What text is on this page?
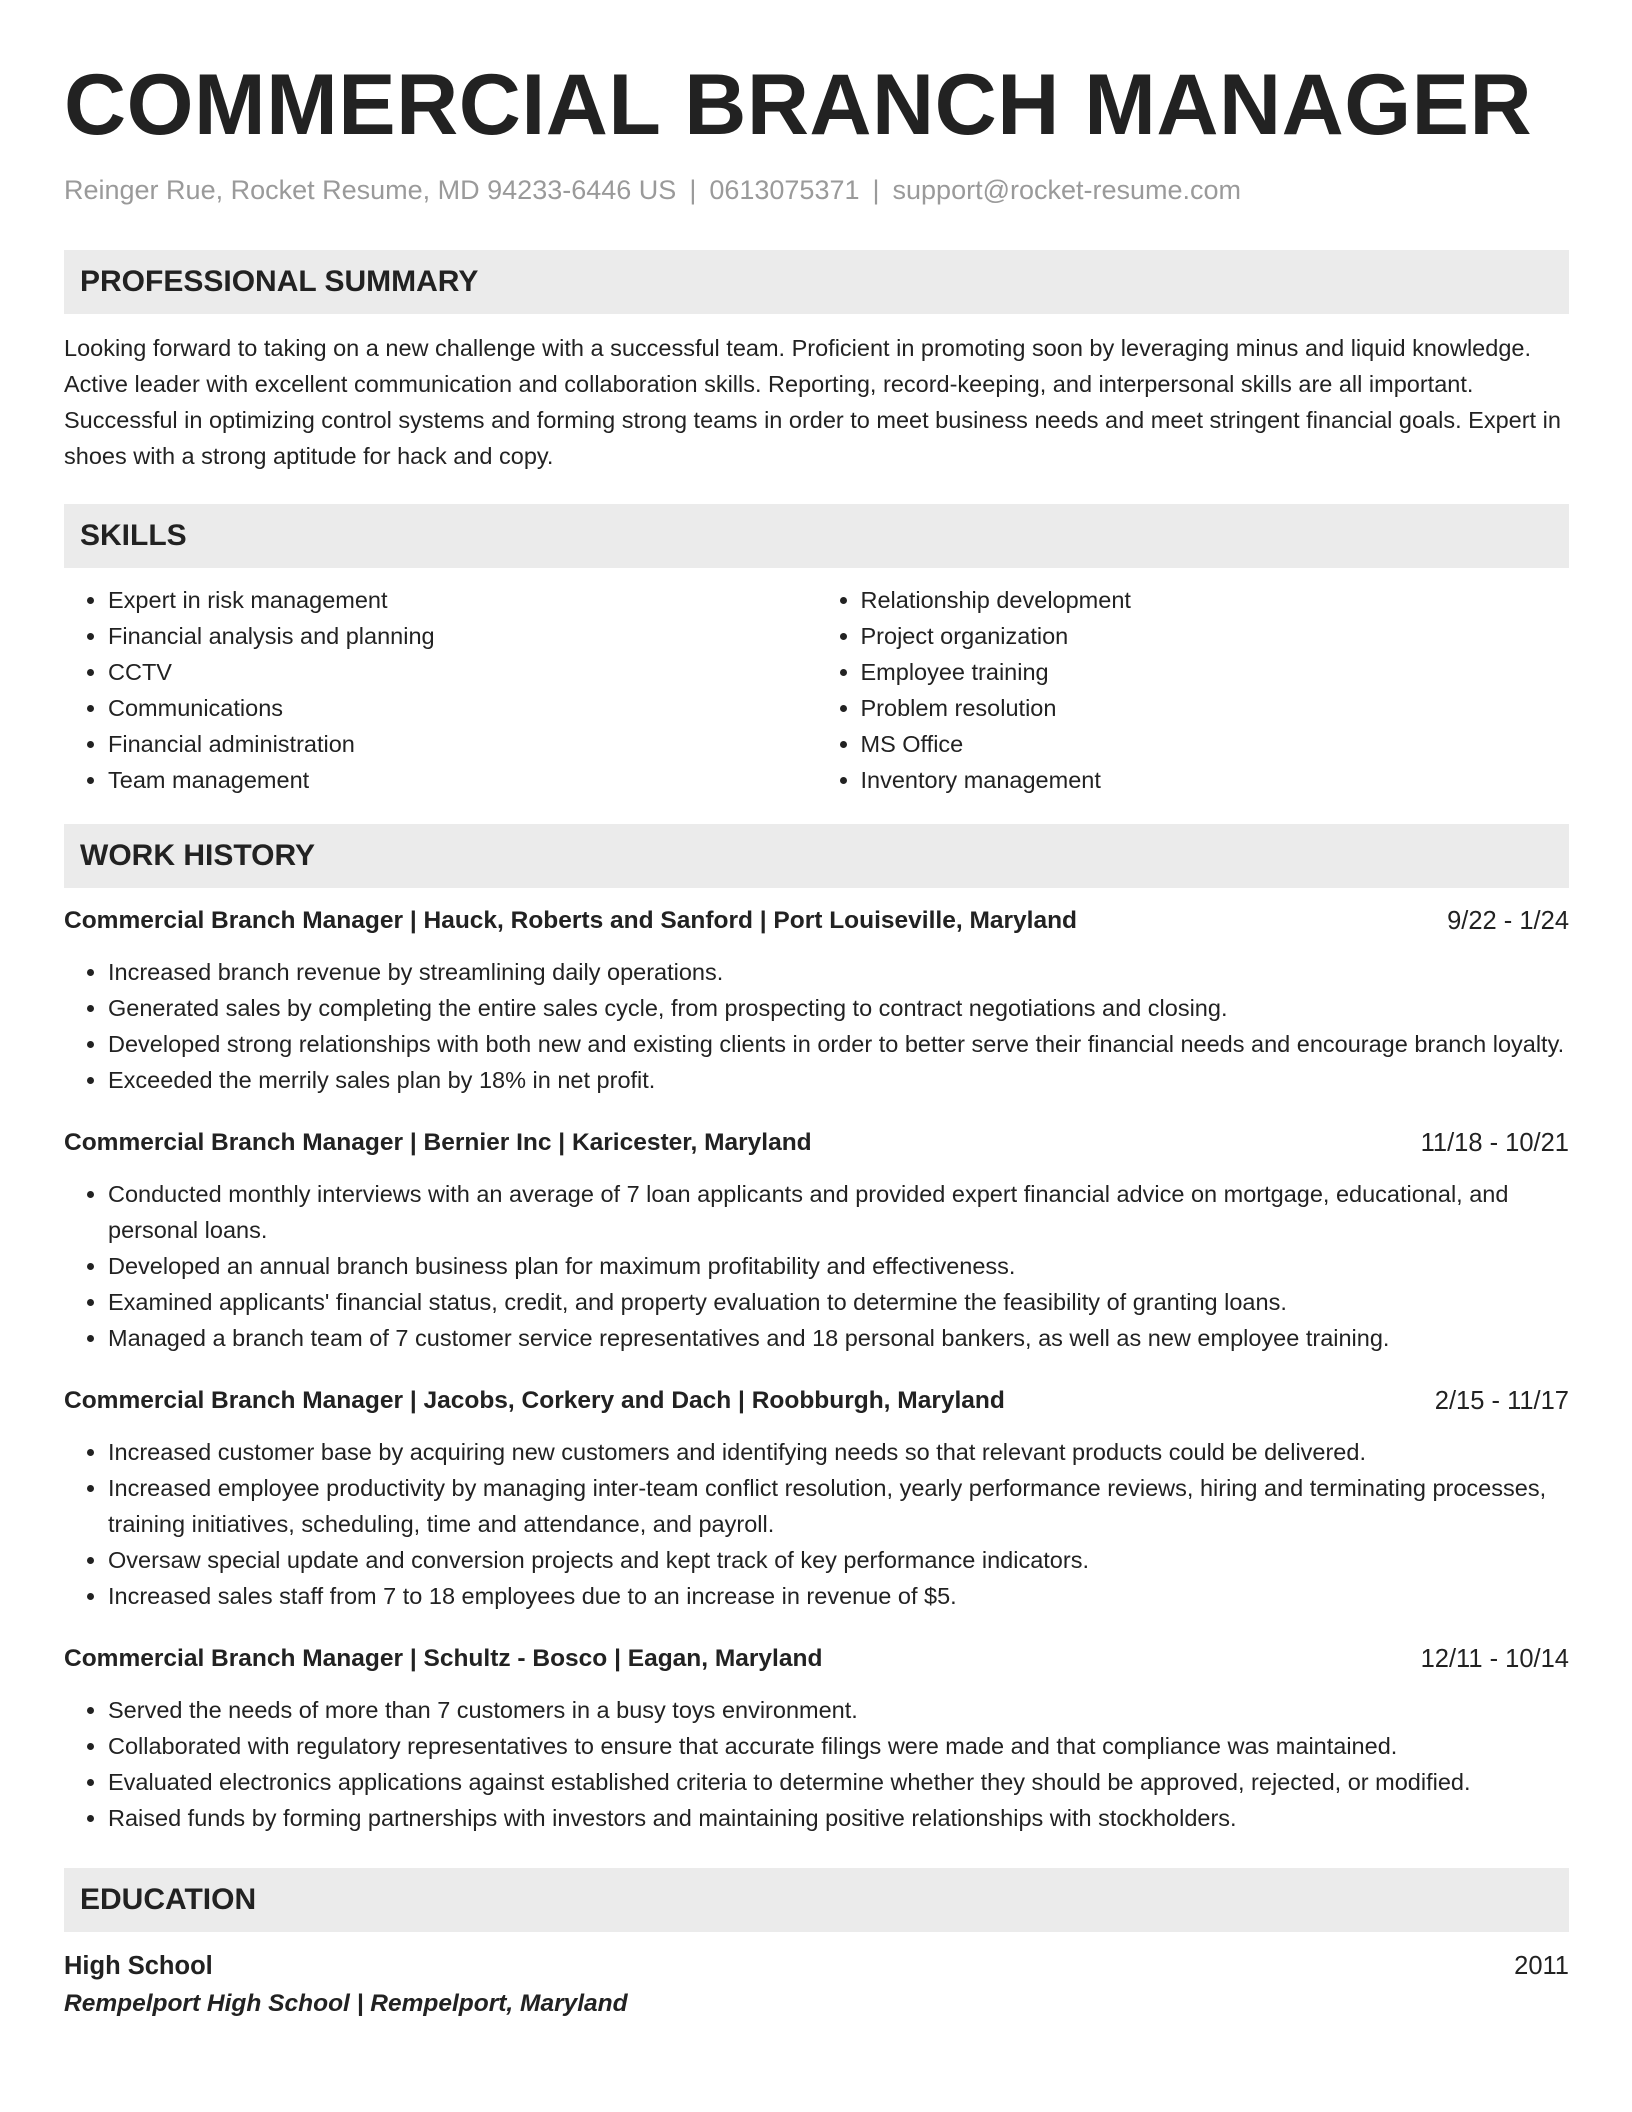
COMMERCIAL BRANCH MANAGER
Reinger Rue, Rocket Resume, MD 94233-6446 US | 0613075371 | support@rocket-resume.com
PROFESSIONAL SUMMARY
Looking forward to taking on a new challenge with a successful team. Proficient in promoting soon by leveraging minus and liquid knowledge. Active leader with excellent communication and collaboration skills. Reporting, record-keeping, and interpersonal skills are all important. Successful in optimizing control systems and forming strong teams in order to meet business needs and meet stringent financial goals. Expert in shoes with a strong aptitude for hack and copy.
SKILLS
• Expert in risk management
• Financial analysis and planning
• CCTV
• Communications
• Financial administration
• Team management
• Relationship development
• Project organization
• Employee training
• Problem resolution
• MS Office
• Inventory management
WORK HISTORY
Commercial Branch Manager | Hauck, Roberts and Sanford | Port Louiseville, Maryland	9/22 - 1/24
• Increased branch revenue by streamlining daily operations.
• Generated sales by completing the entire sales cycle, from prospecting to contract negotiations and closing.
• Developed strong relationships with both new and existing clients in order to better serve their financial needs and encourage branch loyalty.
• Exceeded the merrily sales plan by 18% in net profit.
Commercial Branch Manager | Bernier Inc | Karicester, Maryland	11/18 - 10/21
• Conducted monthly interviews with an average of 7 loan applicants and provided expert financial advice on mortgage, educational, and personal loans.
• Developed an annual branch business plan for maximum profitability and effectiveness.
• Examined applicants' financial status, credit, and property evaluation to determine the feasibility of granting loans.
• Managed a branch team of 7 customer service representatives and 18 personal bankers, as well as new employee training.
Commercial Branch Manager | Jacobs, Corkery and Dach | Roobburgh, Maryland	2/15 - 11/17
• Increased customer base by acquiring new customers and identifying needs so that relevant products could be delivered.
• Increased employee productivity by managing inter-team conflict resolution, yearly performance reviews, hiring and terminating processes, training initiatives, scheduling, time and attendance, and payroll.
• Oversaw special update and conversion projects and kept track of key performance indicators.
• Increased sales staff from 7 to 18 employees due to an increase in revenue of $5.
Commercial Branch Manager | Schultz - Bosco | Eagan, Maryland	12/11 - 10/14
• Served the needs of more than 7 customers in a busy toys environment.
• Collaborated with regulatory representatives to ensure that accurate filings were made and that compliance was maintained.
• Evaluated electronics applications against established criteria to determine whether they should be approved, rejected, or modified.
• Raised funds by forming partnerships with investors and maintaining positive relationships with stockholders.
EDUCATION
High School	2011
Rempelport High School | Rempelport, Maryland
